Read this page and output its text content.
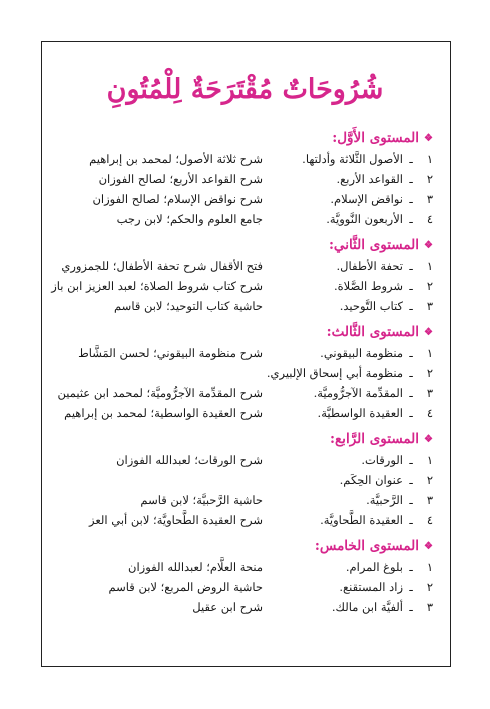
شُرُوحَاتٌ مُقْتَرَحَةٌ لِلْمُتُونِ
❖المستوى الأَوَّل:
١ـالأصول الثَّلاثة وأدلتها.شرح ثلاثة الأصول؛ لمحمد بن إبراهيم
٢ـالقواعد الأربع.شرح القواعد الأربع؛ لصالح الفوزان
٣ـنواقض الإسلام.شرح نواقض الإسلام؛ لصالح الفوزان
٤ـالأربعون النَّوويَّة.جامع العلوم والحكم؛ لابن رجب
❖المستوى الثَّاني:
١ـتحفة الأطفال.فتح الأقفال شرح تحفة الأطفال؛ للجمزوري
٢ـشروط الصَّلاة.شرح كتاب شروط الصلاة؛ لعبد العزيز ابن باز
٣ـكتاب التَّوحيد.حاشية كتاب التوحيد؛ لابن قاسم
❖المستوى الثَّالث:
١ـمنظومة البيقوني.شرح منظومة البيقوني؛ لحسن المَشَّاط
٢ـمنظومة أبي إسحاق الإلبيري.
٣ـالمقدِّمة الآجرُّوميَّة.شرح المقدِّمة الآجرُّوميَّة؛ لمحمد ابن عثيمين
٤ـالعقيدة الواسطيَّة.شرح العقيدة الواسطية؛ لمحمد بن إبراهيم
❖المستوى الرَّابع:
١ـالورقات.شرح الورقات؛ لعبدالله الفوزان
٢ـعنوان الحِكَم.
٣ـالرَّحبيَّة.حاشية الرَّحبيَّة؛ لابن قاسم
٤ـالعقيدة الطَّحاويَّة.شرح العقيدة الطَّحاويَّة؛ لابن أبي العز
❖المستوى الخامس:
١ـبلوغ المرام.منحة العلَّام؛ لعبدالله الفوزان
٢ـزاد المستقنع.حاشية الروض المربع؛ لابن قاسم
٣ـألفيَّة ابن مالك.شرح ابن عقيل
